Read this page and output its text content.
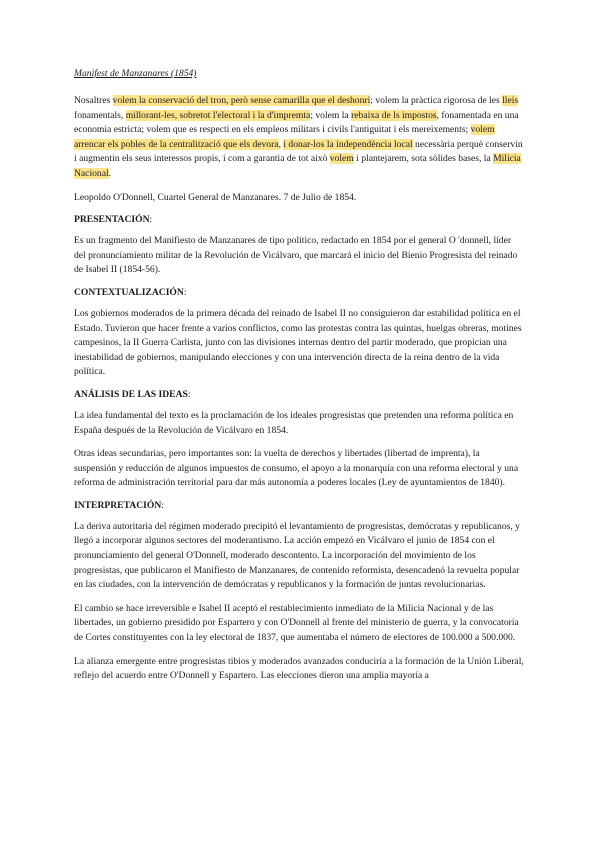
Manifest de Manzanares (1854)

Nosaltres volem la conservació del tron, però sense camarilla que el deshonri; volem la pràctica rigorosa de les lleis fonamentals, millorant-les, sobretot l'electoral i la d'impremta; volem la rebaixa de ls impostos, fonamentada en una economia estricta; volem que es respecti en els empleos militars i civils l'antiguitat i els mereixements; volem arrencar els pobles de la centralització que els devora, i donar-los la independència local necessària perquè conservin i augmentin els seus interessos propis, i com a garantia de tot això volem i plantejarem, sota sòlides bases, la Milícia Nacional.

Leopoldo O'Donnell, Cuartel General de Manzanares. 7 de Julio de 1854.

PRESENTACIÓN:

Es un fragmento del Manifiesto de Manzanares de tipo político, redactado en 1854 por el general O 'donnell, líder del pronunciamiento militar de la Revolución de Vicálvaro, que marcará el inicio del Bienio Progresista del reinado de Isabel II (1854-56).

CONTEXTUALIZACIÓN:

Los gobiernos moderados de la primera década del reinado de Isabel II no consiguieron dar estabilidad política en el Estado. Tuvieron que hacer frente a varios conflictos, como las protestas contra las quintas, huelgas obreras, motines campesinos, la II Guerra Carlista, junto con las divisiones internas dentro del partir moderado, que propician una inestabilidad de gobiernos, manipulando elecciones y con una intervención directa de la reina dentro de la vida política.

ANÁLISIS DE LAS IDEAS:

La idea fundamental del texto es la proclamación de los ideales progresistas que pretenden una reforma política en España después de la Revolución de Vicálvaro en 1854.

Otras ideas secundarias, pero importantes son: la vuelta de derechos y libertades (libertad de imprenta), la suspensión y reducción de algunos impuestos de consumo, el apoyo a la monarquía con una reforma electoral y una reforma de administración territorial para dar más autonomía a poderes locales (Ley de ayuntamientos de 1840).

INTERPRETACIÓN:

La deriva autoritaria del régimen moderado precipitó el levantamiento de progresistas, demócratas y republicanos, y llegó a incorporar algunos sectores del moderantismo. La acción empezó en Vicálvaro el junio de 1854 con el pronunciamiento del general O'Donnell, moderado descontento. La incorporación del movimiento de los progresistas, que publicaron el Manifiesto de Manzanares, de contenido reformista, desencadenó la revuelta popular en las ciudades, con la intervención de demócratas y republicanos y la formación de juntas revolucionarias.

El cambio se hace irreversible e Isabel II aceptó el restablecimiento inmediato de la Milicia Nacional y de las libertades, un gobierno presidido por Espartero y con O'Donnell al frente del ministerio de guerra, y la convocatoria de Cortes constituyentes con la ley electoral de 1837, que aumentaba el número de electores de 100.000 a 500.000.

La alianza emergente entre progresistas tibios y moderados avanzados conduciría a la formación de la Unión Liberal, reflejo del acuerdo entre O'Donnell y Espartero. Las elecciones dieron una amplia mayoría a
